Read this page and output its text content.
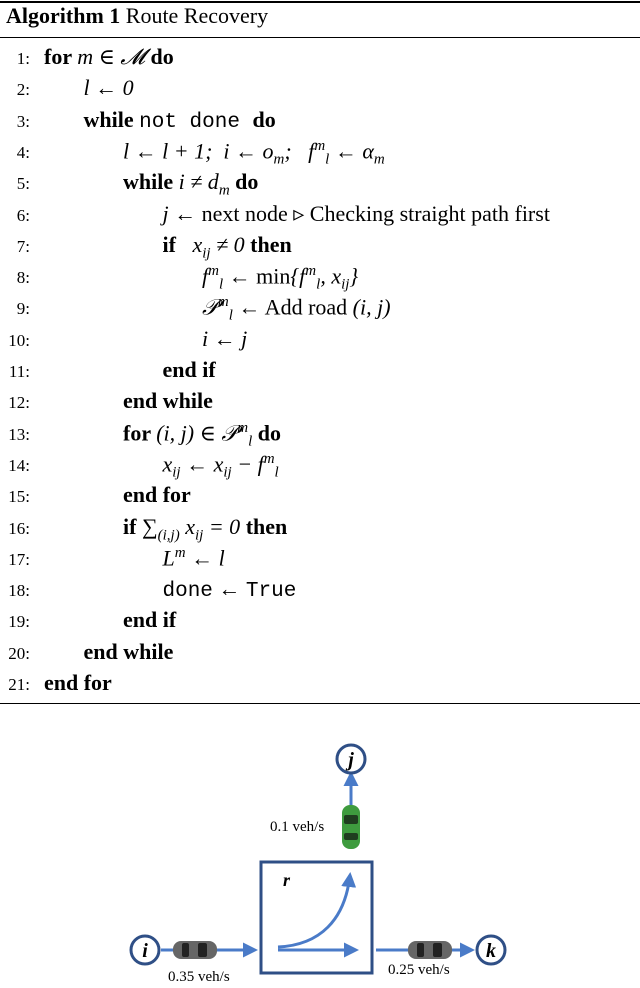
Algorithm 1 Route Recovery
1: for m ∈ 𝓜 do
2: l ← 0
3: while not done do
4:	l ← l + 1;  i ← $o_m$;   $f^m_l$ ← $\alpha_m$
5:	while $i \ne d_m$ do
6:	j ← next node ▹ Checking straight path first
7:	if   $x_{ij} \ne 0$ then
8:	$f^m_l$ ← $\min\{f^m_l$, $x_{ij}$}
9:	𝒫$^m_l$ ← Add road (i, j)
10:	i ← j
11:	end if
12:	end while
13:	for (i, j) ∈ 𝒫$^m_l$ do
14:	$x_{ij}$ ← $x_{ij} - f^m_l$
15:	end for
16:	if $\sum_{(i,j)}$ $x_{ij} = 0$ then
17:	$L^m$ ← l
18:	done ← True
19:	end if
20: end while
21: end for
r
j
i	k
0.1 veh/s
0.35 veh/s	0.25 veh/s
